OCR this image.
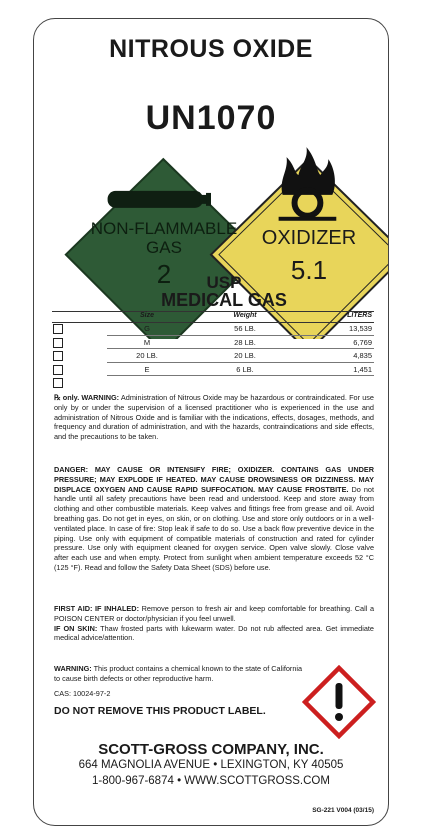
NITROUS OXIDE
UN1070
NON-FLAMMABLE
GAS
2
OXIDIZER
5.1
USP
MEDICAL GAS
Size	Weight	LITERS
G	56 LB.	13,539
M	28 LB.	6,769
20 LB.	20 LB.	4,835
E	6 LB.	1,451
℞ only. WARNING: Administration of Nitrous Oxide may be hazardous or contraindicated. For use only by or under the supervision of a licensed practitioner who is experienced in the use and administration of Nitrous Oxide and is familiar with the indications, effects, dosages, methods, and frequency and duration of administration, and with the hazards, contraindications and side effects, and the precautions to be taken.
DANGER: MAY CAUSE OR INTENSIFY FIRE; OXIDIZER. CONTAINS GAS UNDER PRESSURE; MAY EXPLODE IF HEATED. MAY CAUSE DROWSINESS OR DIZZINESS. MAY DISPLACE OXYGEN AND CAUSE RAPID SUFFOCATION. MAY CAUSE FROSTBITE. Do not handle until all safety precautions have been read and understood. Keep and store away from clothing and other combustible materials. Keep valves and fittings free from grease and oil. Avoid breathing gas. Do not get in eyes, on skin, or on clothing. Use and store only outdoors or in a well-ventilated place. In case of fire: Stop leak if safe to do so. Use a back flow preventive device in the piping. Use only with equipment of compatible materials of construction and rated for cylinder pressure. Use only with equipment cleaned for oxygen service. Open valve slowly. Close valve after each use and when empty. Protect from sunlight when ambient temperature exceeds 52 °C (125 °F). Read and follow the Safety Data Sheet (SDS) before use.
FIRST AID: IF INHALED: Remove person to fresh air and keep comfortable for breathing. Call a POISON CENTER or doctor/physician if you feel unwell.
IF ON SKIN: Thaw frosted parts with lukewarm water. Do not rub affected area. Get immediate medical advice/attention.
WARNING: This product contains a chemical known to the state of California to cause birth defects or other reproductive harm.
CAS: 10024-97-2
DO NOT REMOVE THIS PRODUCT LABEL.
SCOTT-GROSS COMPANY, INC.
664 MAGNOLIA AVENUE • LEXINGTON, KY 40505
1-800-967-6874 • WWW.SCOTTGROSS.COM
SG-221 V004 (03/15)
